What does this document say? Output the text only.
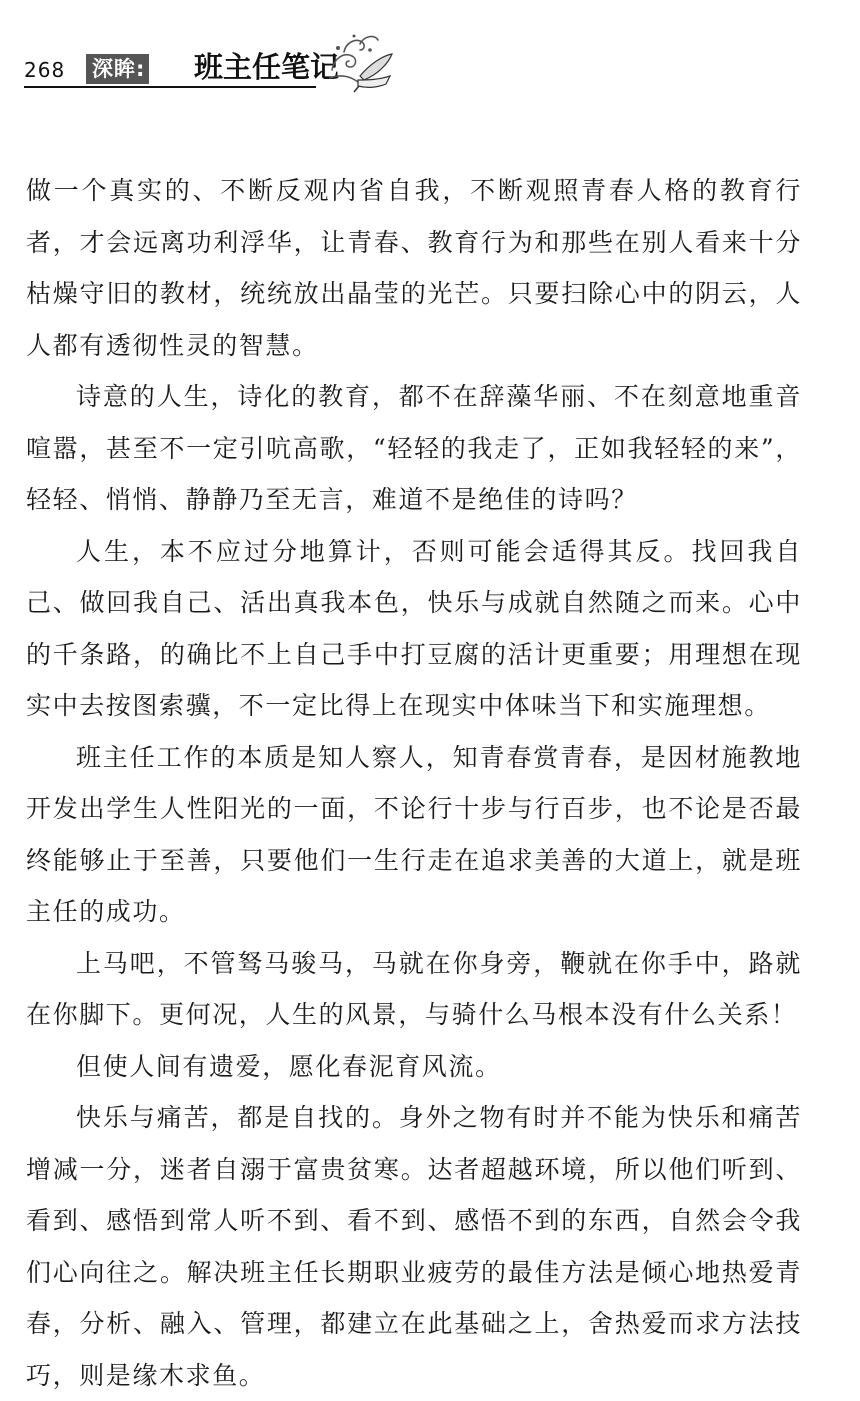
268 深眸: 班主任笔记

做一个真实的、不断反观内省自我，不断观照青春人格的教育行者，才会远离功利浮华，让青春、教育行为和那些在别人看来十分枯燥守旧的教材，统统放出晶莹的光芒。只要扫除心中的阴云，人人都有透彻性灵的智慧。

诗意的人生，诗化的教育，都不在辞藻华丽、不在刻意地重音喧嚣，甚至不一定引吭高歌，“轻轻的我走了，正如我轻轻的来”，轻轻、悄悄、静静乃至无言，难道不是绝佳的诗吗？

人生，本不应过分地算计，否则可能会适得其反。找回我自己、做回我自己、活出真我本色，快乐与成就自然随之而来。心中的千条路，的确比不上自己手中打豆腐的活计更重要；用理想在现实中去按图索骥，不一定比得上在现实中体味当下和实施理想。

班主任工作的本质是知人察人，知青春赏青春，是因材施教地开发出学生人性阳光的一面，不论行十步与行百步，也不论是否最终能够止于至善，只要他们一生行走在追求美善的大道上，就是班主任的成功。

上马吧，不管驽马骏马，马就在你身旁，鞭就在你手中，路就在你脚下。更何况，人生的风景，与骑什么马根本没有什么关系！

但使人间有遗爱，愿化春泥育风流。

快乐与痛苦，都是自找的。身外之物有时并不能为快乐和痛苦增减一分，迷者自溺于富贵贫寒。达者超越环境，所以他们听到、看到、感悟到常人听不到、看不到、感悟不到的东西，自然会令我们心向往之。解决班主任长期职业疲劳的最佳方法是倾心地热爱青春，分析、融入、管理，都建立在此基础之上，舍热爱而求方法技巧，则是缘木求鱼。
